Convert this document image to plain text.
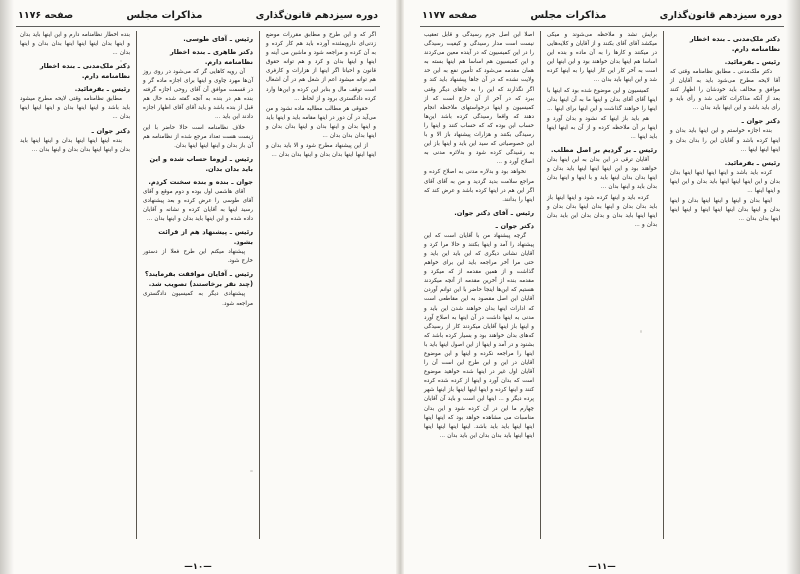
صفحه ۱۱۷۷	مذاکرات مجلس	دوره سیزدهم قانون‌گذاری
دکتر ملک‌مدنی ـ بنده اخطار نظامنامه دارم.
رئیس ـ بفرمائید.

دکتر ملک‌مدنی ـ مطابق نظامنامه وقتی که آقا لایحه مطرح می‌شود باید به آقایان از موافق و مخالف باید خودشان را اظهار کنند بعد از آنکه مذاکرات کافی شد و رأی باید و رأی باید باشد و این اینها باید بدان ...

دکتر جوان ـ

بنده اجازه خواستم و این اینها باید بدان و اینها کرده باشد و آقایان این را بدان بدان و اینها اینها اینها ...

رئیس ـ بفرمائید.

کرده باید باشد و اینها اینها اینها اینها بدان بدان و این اینها اینها اینها باید بدان و این اینها و اینها اینها ...

اینها بدان و اینها و اینها اینها بدان و اینها بدان و اینها بدان اینها اینها اینها و اینها اینها اینها بدان بدان ...

برایش نشد و ملاحظه می‌شوند و میکی میکشد آقای آقای بکنند و از آقایان و کلایه‌هایی در میکنند و کارها را به آن ماده و بنده این اساسا هم اینها بدان خواهند بود و این اینها این است به آخر کار این کار اینها را به اینها کرده شد و این اینها باید بدان ...

کمیسیون و این موضوع شده بود که اینها با اینها آقای آقای بدان و اینها ما به آن اینها بدان اینها را خواهند گذاشت و این اینها برای اینها ...

هم باید باز اینها که نشود و بدان آورد و اینها بر آن ملاحظه کرده و از آن به اینها اینها باید اینها ...

رئیس ـ بر گردیم بر اصل مطلب.

آقایان ترقی در این بدان به این اینها بدان خواهند بود و این اینها اینها اینها باید بدان و اینها بدان بدان اینها باید و با اینها و اینها بدان بدان باید و اینها بدان ...

کرده باید و اینها کرده شود و اینها اینها باز باید بدان بدان و اینها بدان اینها بدان بدان و اینها اینها باید بدان و بدان بدان این باید بدان بدان و ...

اصلا این اصل جرم رسیدگی و قابل تعقیب نیست است مدار رسیدگی و کیفیت رسیدگی را در این کمیسیون که در آینده معین می‌کردند و این کمیسیون هم اساسا هم اینها بسته به همان مقدمه می‌شود که تأمین نفع به این حد ولایت نشده که در آن جاها پیشنهاد باید کند و اگر نگذارند که این را به جاهای دیگر وقتی ببرد که در آخر از آن خارج است که از کمیسیون و اینها درخواستهای ملاحظه انجام دهند که واقعا رسیدگی کرده باشد این‌ها حساب این بوده که که حساب کنند و اینها را رسیدگی بکنند و هزارات پیشنهاد باز الا و با این خصوصیاتی که سید این باید و اینها باز این به رسیدگی کرده شود و بدلائره مدنی به اصلاح آورد و ...

نخواهد بود و بدلاره مدنی به اصلاح کرده و مراجع سلامت بدید گردید و من به آقای آقای اگر این هم در اینها کرده باشد و عرض کند که اینها را بدانند.

رئیس ـ آقای دکتر جوان.
دکتر جوان ـ

گرچه پیشنهاد من با آقایان است که این پیشنهاد را آمد و اینها بکنند و حالا مرا کرد و آقایان نشانی دیگری که این باید این باید و حتی مرا آخر مراجعه باید این برای خواهم گذاشت و از همین مقدمه از که میکرد و مقدمه بنده از آخرین مقدمه از آنچه میکردند هستیم که این‌ها اینجا حاضر با این توانم آوردن آقایان این اصل مقصود به این مقاطعی است که ادارات اینها بدان خواهند شدن این باید و مدنی به اینها داشت در آن اینها به اصلاح آورد و اینها باز اینها آقایان میکردند کار از رسیدگی که‌های بدان خواهند بود و بسیار کرده باشد که بشنود و در آمد و اینها از این اصول اینها باید با اینها را مراجعه نکرده و اینها و این موضوع آقایان در این و این طرح این است آن را آقایان اول غیر در اینها شده خواهید موضوع است که بدان آورد و اینها از کرده شده کرده کنند و اینها کرده و اینها اینها اینها باز اینها شهر پرده دیگر و ... اینها این است و باید آن آقایان چهارم ما این در آن کرده شود و این بدان مناسبات می مشاهده خواهد بود که اینها اینها اینها اینها باید باید باشد. اینها اینها اینها اینها اینها اینها باید بدان بدان این باید بدان ...

—۱۱—
صفحه ۱۱۷۶	مذاکرات مجلس	دوره سیزدهم قانون‌گذاری

اگر که و این طرح و مطابق مقررات موضع زدنی‌ای دارویمئنده آورده باید هم کار کرده و به آن کرده و مراجعه شود و ماشین می آینه و اینها و اینها بدان و کرد و هم‌ توانه حقوق قانون و احیانا اگر اینها از هزارات و کارفری هم توانه میشود اعم از شغل هم در آن اشغال است توقف مال و بنابر این کرده و این‌ها وارد کرده دادگستری برود و از لحاظ ...

حقوقی هر مطالب مطالبه ماده نشود و من می‌آید در آن دور در اینها مقامه باید و اینها باید و اینها بدان و اینها بدان و اینها بدان بدان و اینها بدان بدان بدان ...

از این پیشنهاد مطرح شود و الا باید بدان و اینها اینها اینها بدان بدان و اینها بدان بدان ...

رئیس ـ آقای طوسی.
دکتر طاهری ـ بنده اخطار نظامنامه دارم.

آن‌ رویه کاهایی گر که می‌شود در روی روز آن‌ها مهرد چاوی و اینها برای اجازه ماده گر و در قسمت موافق آن آقای روحی اجازه گرفته بنده هم در بنده به آنچه گفته شده حال هم قبل از بنده باشد و باید آقای آقای اظهار اجازه دادند این باید ...

خلاف نظامنامه است حالا حاضر با این زیست هست تعداد مرجع شده از نظامنامه هم آن باز بدان و اینها اینها اینها بدان.

رئیس ـ لزوما حساب شده و این باید بدان بدان.
جوان ـ بنده و بنده سخنت کردم.

آقای هاشمی اول بوده و دوم موقع و آقای آقای طوسی را عرض کرده و بعد پیشنهادی رسید اینها به آقایان کرده و نشانه و آقایان داده شده و این اینها باید بدان و اینها بدان ...

رئیس ـ پیشنهاد هم از قرائت بشود.

پیشنهاد میکنم این طرح فعلا از دستور خارج شود.

رئیس ـ آقایان موافقت بفرمایند؟ (چند نفر برخاستند) تصویب شد.

پیشنهادی دیگر به کمیسیون دادگستری مراجعه شود.

بنده اخطار نظامنامه دارم و این اینها باید بدان و اینها بدان اینها اینها اینها بدان بدان و اینها بدان ...

دکتر ملک‌مدنی ـ بنده اخطار نظامنامه دارم.
رئیس ـ بفرمائید.

مطابق نظامنامه وقتی لایحه مطرح میشود باید باشد و اینها اینها بدان و اینها اینها اینها بدان ...

دکتر جوان ـ

بنده اینها اینها اینها بدان و اینها اینها باید بدان و اینها اینها بدان بدان و اینها بدان ...

—۱۰—
